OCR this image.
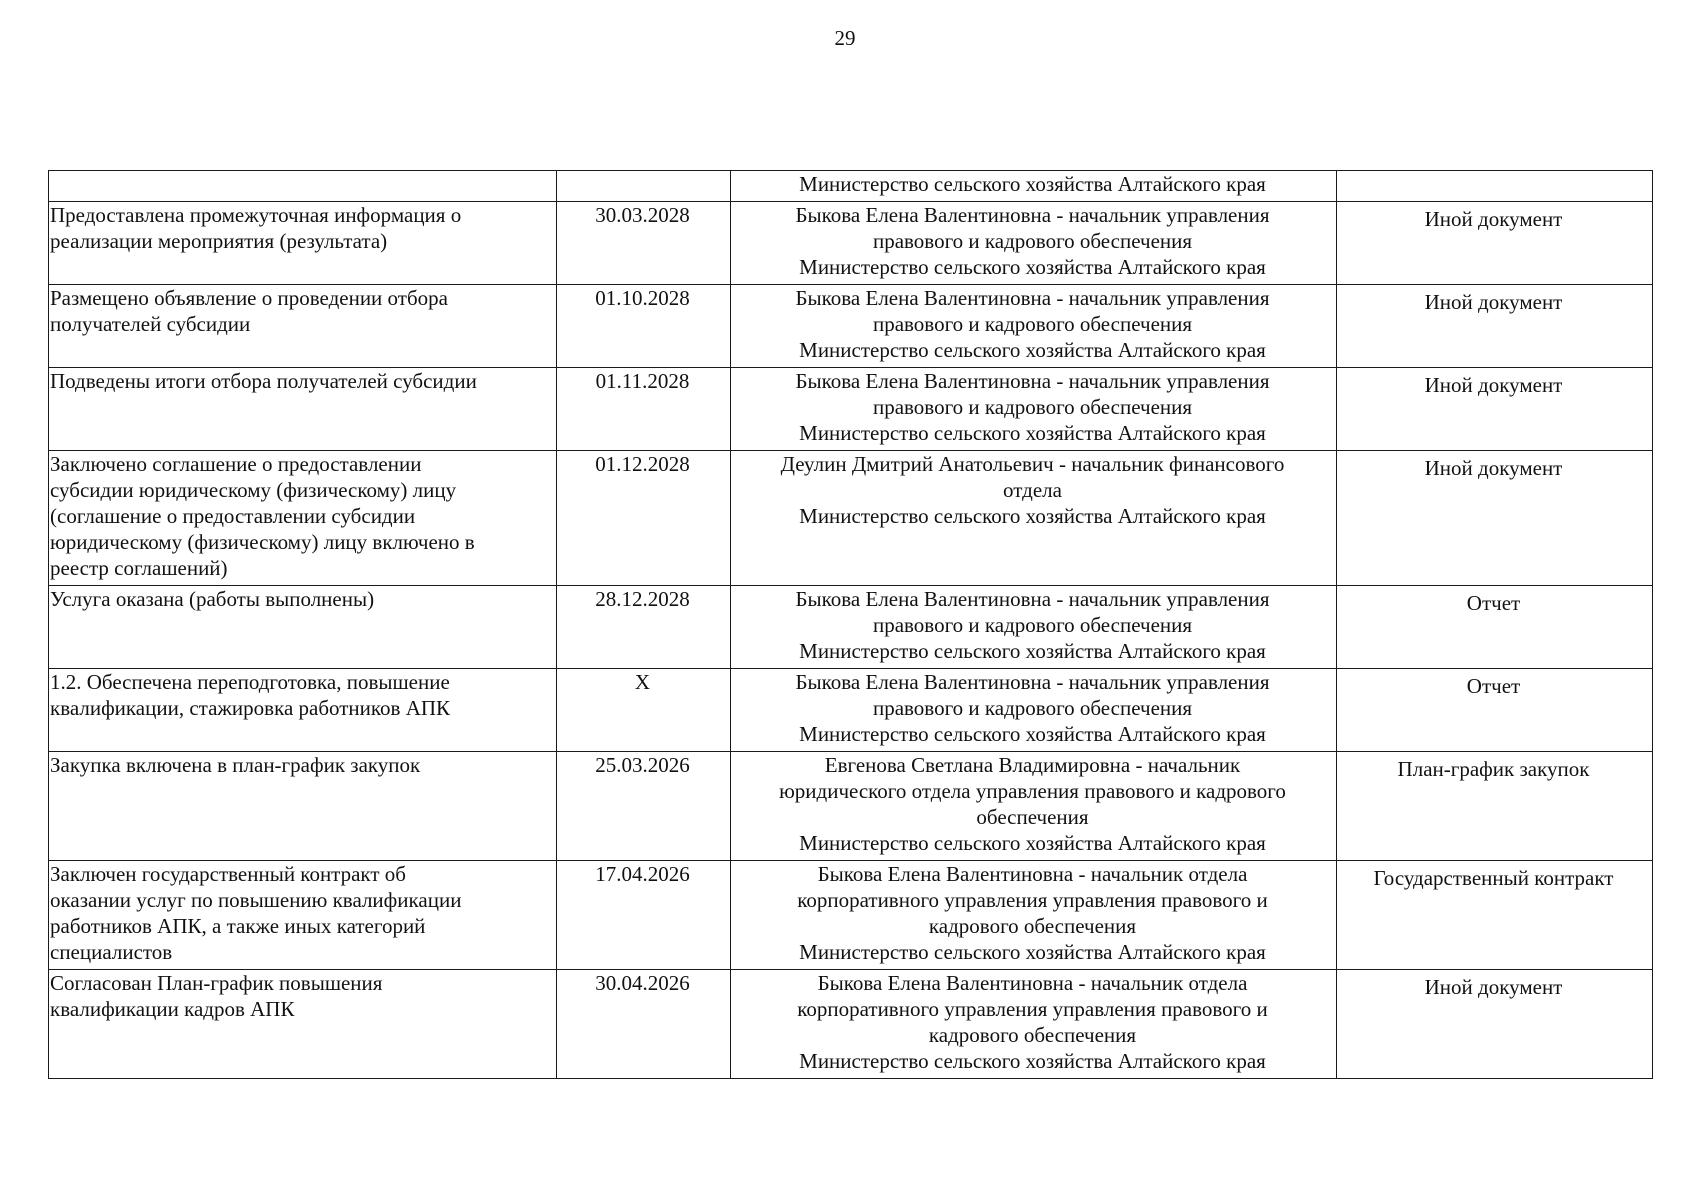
29

		Министерство сельского хозяйства Алтайского края	

Предоставлена промежуточная информация о
реализации мероприятия (результата)	30.03.2028	Быкова Елена Валентиновна - начальник управления
правового и кадрового обеспечения
Министерство сельского хозяйства Алтайского края	Иной документ

Размещено объявление о проведении отбора
получателей субсидии	01.10.2028	Быкова Елена Валентиновна - начальник управления
правового и кадрового обеспечения
Министерство сельского хозяйства Алтайского края	Иной документ

Подведены итоги отбора получателей субсидии	01.11.2028	Быкова Елена Валентиновна - начальник управления
правового и кадрового обеспечения
Министерство сельского хозяйства Алтайского края	Иной документ

Заключено соглашение о предоставлении
субсидии юридическому (физическому) лицу
(соглашение о предоставлении субсидии
юридическому (физическому) лицу включено в
реестр соглашений)	01.12.2028	Деулин Дмитрий Анатольевич - начальник финансового
отдела
Министерство сельского хозяйства Алтайского края	Иной документ

Услуга оказана (работы выполнены)	28.12.2028	Быкова Елена Валентиновна - начальник управления
правового и кадрового обеспечения
Министерство сельского хозяйства Алтайского края	Отчет

1.2. Обеспечена переподготовка, повышение
квалификации, стажировка работников АПК	X	Быкова Елена Валентиновна - начальник управления
правового и кадрового обеспечения
Министерство сельского хозяйства Алтайского края	Отчет

Закупка включена в план-график закупок	25.03.2026	Евгенова Светлана Владимировна - начальник
юридического отдела управления правового и кадрового
обеспечения
Министерство сельского хозяйства Алтайского края	План-график закупок

Заключен государственный контракт об
оказании услуг по повышению квалификации
работников АПК, а также иных категорий
специалистов	17.04.2026	Быкова Елена Валентиновна - начальник отдела
корпоративного управления управления правового и
кадрового обеспечения
Министерство сельского хозяйства Алтайского края	Государственный контракт

Согласован План-график повышения
квалификации кадров АПК	30.04.2026	Быкова Елена Валентиновна - начальник отдела
корпоративного управления управления правового и
кадрового обеспечения
Министерство сельского хозяйства Алтайского края	Иной документ
